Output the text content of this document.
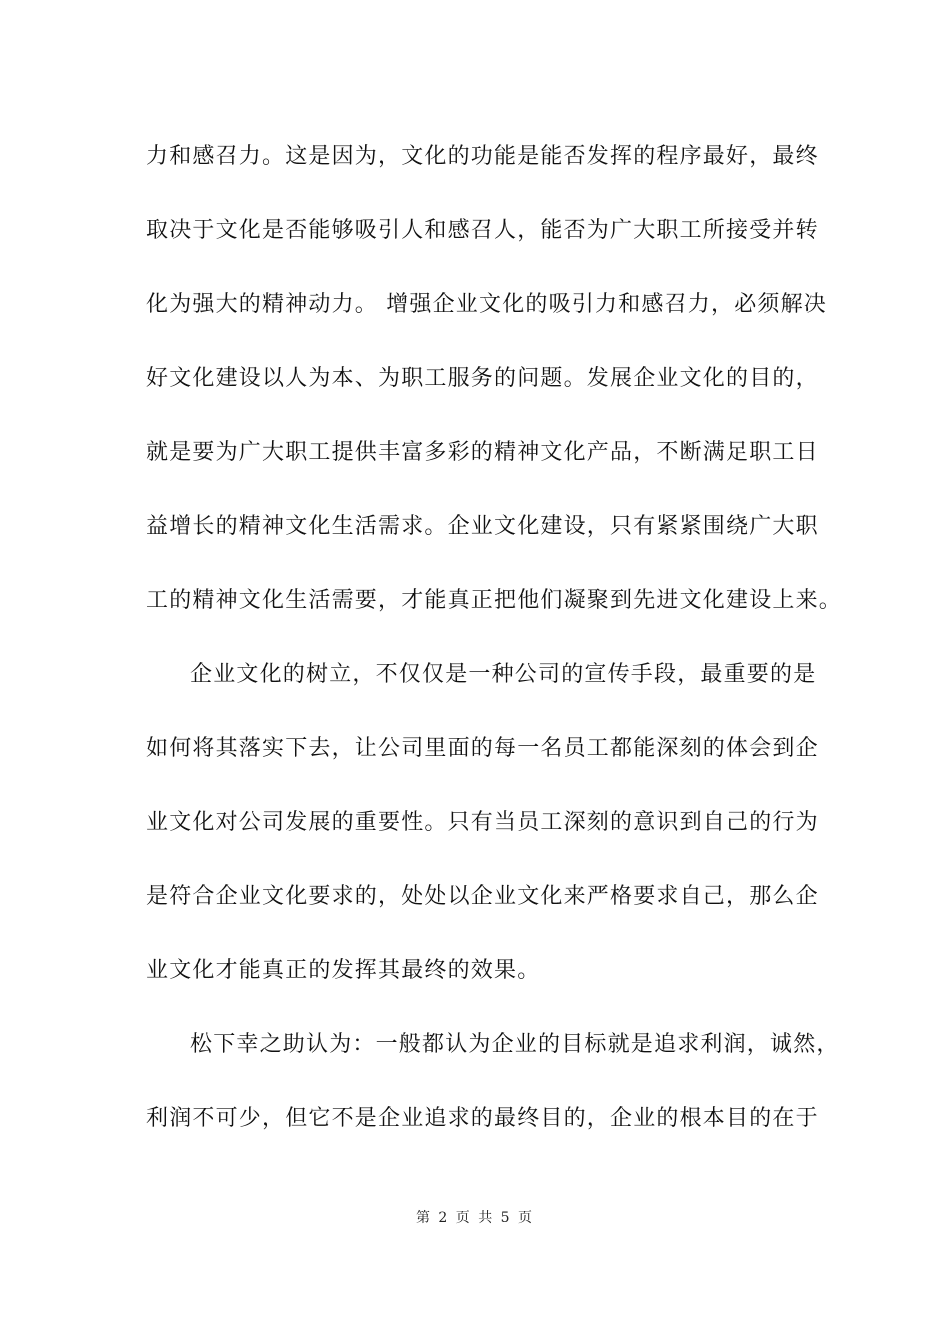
力和感召力。这是因为，文化的功能是能否发挥的程序最好，最终
取决于文化是否能够吸引人和感召人，能否为广大职工所接受并转
化为强大的精神动力。 增强企业文化的吸引力和感召力，必须解决
好文化建设以人为本、为职工服务的问题。发展企业文化的目的，
就是要为广大职工提供丰富多彩的精神文化产品，不断满足职工日
益增长的精神文化生活需求。企业文化建设，只有紧紧围绕广大职
工的精神文化生活需要，才能真正把他们凝聚到先进文化建设上来。
企业文化的树立，不仅仅是一种公司的宣传手段，最重要的是
如何将其落实下去，让公司里面的每一名员工都能深刻的体会到企
业文化对公司发展的重要性。只有当员工深刻的意识到自己的行为
是符合企业文化要求的，处处以企业文化来严格要求自己，那么企
业文化才能真正的发挥其最终的效果。
松下幸之助认为：一般都认为企业的目标就是追求利润，诚然，
利润不可少，但它不是企业追求的最终目的，企业的根本目的在于
第 2 页 共 5 页
